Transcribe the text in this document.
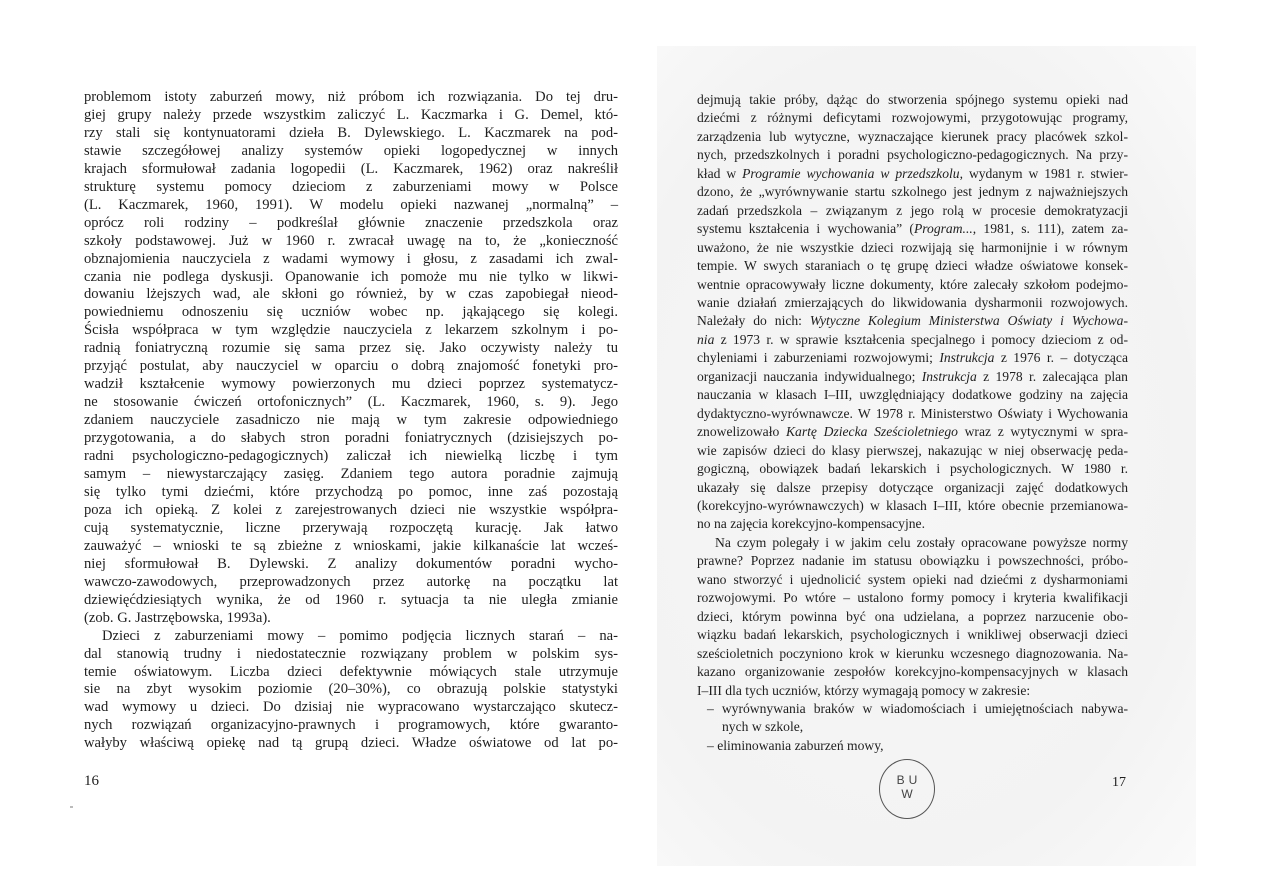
problemom istoty zaburzeń mowy, niż próbom ich rozwiązania. Do tej dru-
giej grupy należy przede wszystkim zaliczyć L. Kaczmarka i G. Demel, któ-
rzy stali się kontynuatorami dzieła B. Dylewskiego. L. Kaczmarek na pod-
stawie szczegółowej analizy systemów opieki logopedycznej w innych
krajach sformułował zadania logopedii (L. Kaczmarek, 1962) oraz nakreślił
strukturę systemu pomocy dzieciom z zaburzeniami mowy w Polsce
(L. Kaczmarek, 1960, 1991). W modelu opieki nazwanej „normalną” –
oprócz roli rodziny – podkreślał głównie znaczenie przedszkola oraz
szkoły podstawowej. Już w 1960 r. zwracał uwagę na to, że „konieczność
obznajomienia nauczyciela z wadami wymowy i głosu, z zasadami ich zwal-
czania nie podlega dyskusji. Opanowanie ich pomoże mu nie tylko w likwi-
dowaniu lżejszych wad, ale skłoni go również, by w czas zapobiegał nieod-
powiedniemu odnoszeniu się uczniów wobec np. jąkającego się kolegi.
Ścisła współpraca w tym względzie nauczyciela z lekarzem szkolnym i po-
radnią foniatryczną rozumie się sama przez się. Jako oczywisty należy tu
przyjąć postulat, aby nauczyciel w oparciu o dobrą znajomość fonetyki pro-
wadził kształcenie wymowy powierzonych mu dzieci poprzez systematycz-
ne stosowanie ćwiczeń ortofonicznych” (L. Kaczmarek, 1960, s. 9). Jego
zdaniem nauczyciele zasadniczo nie mają w tym zakresie odpowiedniego
przygotowania, a do słabych stron poradni foniatrycznych (dzisiejszych po-
radni psychologiczno-pedagogicznych) zaliczał ich niewielką liczbę i tym
samym – niewystarczający zasięg. Zdaniem tego autora poradnie zajmują
się tylko tymi dziećmi, które przychodzą po pomoc, inne zaś pozostają
poza ich opieką. Z kolei z zarejestrowanych dzieci nie wszystkie współpra-
cują systematycznie, liczne przerywają rozpoczętą kurację. Jak łatwo
zauważyć – wnioski te są zbieżne z wnioskami, jakie kilkanaście lat wcześ-
niej sformułował B. Dylewski. Z analizy dokumentów poradni wycho-
wawczo-zawodowych, przeprowadzonych przez autorkę na początku lat
dziewięćdziesiątych wynika, że od 1960 r. sytuacja ta nie uległa zmianie
(zob. G. Jastrzębowska, 1993a).
Dzieci z zaburzeniami mowy – pomimo podjęcia licznych starań – na-
dal stanowią trudny i niedostatecznie rozwiązany problem w polskim sys-
temie oświatowym. Liczba dzieci defektywnie mówiących stale utrzymuje
sie na zbyt wysokim poziomie (20–30%), co obrazują polskie statystyki
wad wymowy u dzieci. Do dzisiaj nie wypracowano wystarczająco skutecz-
nych rozwiązań organizacyjno-prawnych i programowych, które gwaranto-
wałyby właściwą opiekę nad tą grupą dzieci. Władze oświatowe od lat po-
16
dejmują takie próby, dążąc do stworzenia spójnego systemu opieki nad
dziećmi z różnymi deficytami rozwojowymi, przygotowując programy,
zarządzenia lub wytyczne, wyznaczające kierunek pracy placówek szkol-
nych, przedszkolnych i poradni psychologiczno-pedagogicznych. Na przy-
kład w Programie wychowania w przedszkolu, wydanym w 1981 r. stwier-
dzono, że „wyrównywanie startu szkolnego jest jednym z najważniejszych
zadań przedszkola – związanym z jego rolą w procesie demokratyzacji
systemu kształcenia i wychowania” (Program..., 1981, s. 111), zatem za-
uważono, że nie wszystkie dzieci rozwijają się harmonijnie i w równym
tempie. W swych staraniach o tę grupę dzieci władze oświatowe konsek-
wentnie opracowywały liczne dokumenty, które zalecały szkołom podejmo-
wanie działań zmierzających do likwidowania dysharmonii rozwojowych.
Należały do nich: Wytyczne Kolegium Ministerstwa Oświaty i Wychowa-
nia z 1973 r. w sprawie kształcenia specjalnego i pomocy dzieciom z od-
chyleniami i zaburzeniami rozwojowymi; Instrukcja z 1976 r. – dotycząca
organizacji nauczania indywidualnego; Instrukcja z 1978 r. zalecająca plan
nauczania w klasach I–III, uwzględniający dodatkowe godziny na zajęcia
dydaktyczno-wyrównawcze. W 1978 r. Ministerstwo Oświaty i Wychowania
znowelizowało Kartę Dziecka Sześcioletniego wraz z wytycznymi w spra-
wie zapisów dzieci do klasy pierwszej, nakazując w niej obserwację peda-
gogiczną, obowiązek badań lekarskich i psychologicznych. W 1980 r.
ukazały się dalsze przepisy dotyczące organizacji zajęć dodatkowych
(korekcyjno-wyrównawczych) w klasach I–III, które obecnie przemianowa-
no na zajęcia korekcyjno-kompensacyjne.
Na czym polegały i w jakim celu zostały opracowane powyższe normy
prawne? Poprzez nadanie im statusu obowiązku i powszechności, próbo-
wano stworzyć i ujednolicić system opieki nad dziećmi z dysharmoniami
rozwojowymi. Po wtóre – ustalono formy pomocy i kryteria kwalifikacji
dzieci, którym powinna być ona udzielana, a poprzez narzucenie obo-
wiązku badań lekarskich, psychologicznych i wnikliwej obserwacji dzieci
sześcioletnich poczyniono krok w kierunku wczesnego diagnozowania. Na-
kazano organizowanie zespołów korekcyjno-kompensacyjnych w klasach
I–III dla tych uczniów, którzy wymagają pomocy w zakresie:
– wyrównywania braków w wiadomościach i umiejętnościach nabywa-
nych w szkole,
– eliminowania zaburzeń mowy,
BU
W
17
